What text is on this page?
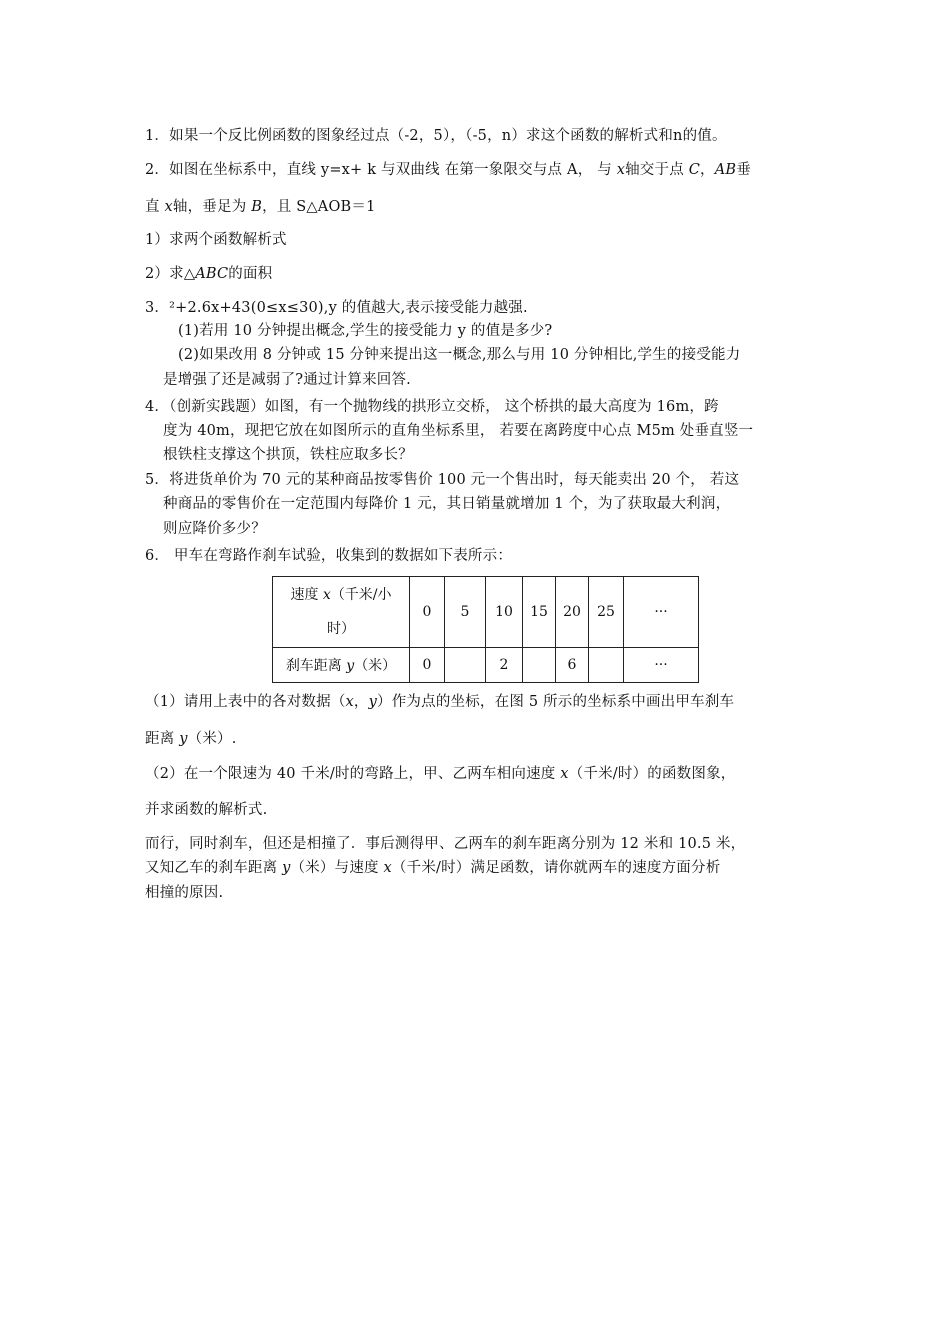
1．如果一个反比例函数的图象经过点（-2，5），（-5，n）求这个函数的解析式和n的值。
2．如图在坐标系中，直线 y=x+ k 与双曲线 在第一象限交与点 A， 与 x轴交于点 C，AB垂
直 x轴，垂足为 B，且 S△AOB＝1
1）求两个函数解析式
2）求△ABC的面积
3．²+2.6x+43(0≤x≤30),y 的值越大,表示接受能力越强.
(1)若用 10 分钟提出概念,学生的接受能力 y 的值是多少?
(2)如果改用 8 分钟或 15 分钟来提出这一概念,那么与用 10 分钟相比,学生的接受能力
是增强了还是减弱了?通过计算来回答.
4．（创新实践题）如图，有一个抛物线的拱形立交桥， 这个桥拱的最大高度为 16m，跨
度为 40m，现把它放在如图所示的直角坐标系里， 若要在离跨度中心点 M5m 处垂直竖一
根铁柱支撑这个拱顶，铁柱应取多长？
5．将进货单价为 70 元的某种商品按零售价 100 元一个售出时，每天能卖出 20 个， 若这
种商品的零售价在一定范围内每降价 1 元，其日销量就增加 1 个，为了获取最大利润，
则应降价多少？
6． 甲车在弯路作刹车试验，收集到的数据如下表所示：
速度 x（千米/小
时）	0	5	10	15	20	25	···
刹车距离 y（米）	0		2		6		···
（1）请用上表中的各对数据（x，y）作为点的坐标，在图 5 所示的坐标系中画出甲车刹车
距离 y（米）.
（2）在一个限速为 40 千米/时的弯路上，甲、乙两车相向速度 x（千米/时）的函数图象，
并求函数的解析式.
而行，同时刹车，但还是相撞了．事后测得甲、乙两车的刹车距离分别为 12 米和 10.5 米，
又知乙车的刹车距离 y（米）与速度 x（千米/时）满足函数，请你就两车的速度方面分析
相撞的原因.
